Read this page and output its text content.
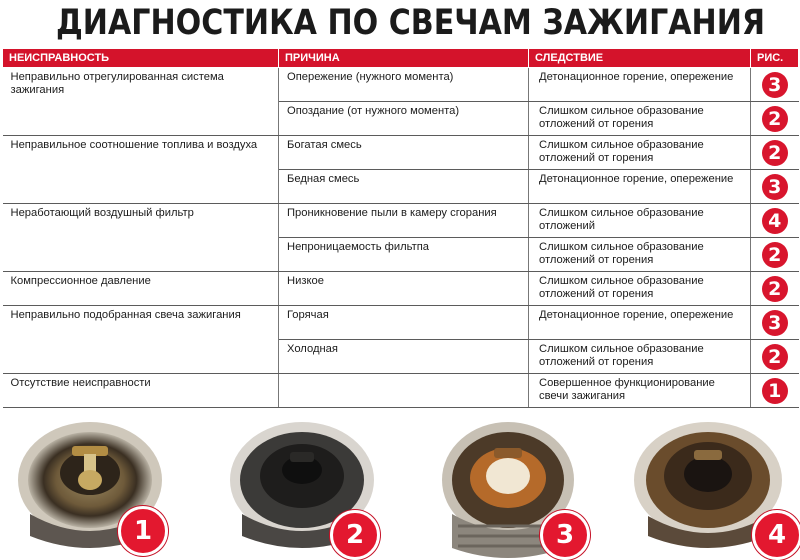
ДИАГНОСТИКА ПО СВЕЧАМ ЗАЖИГАНИЯ
НЕИСПРАВНОСТЬ	ПРИЧИНА	СЛЕДСТВИЕ	РИС.
Неправильно отрегулированная система зажигания	Опережение (нужного момента)	Детонационное горение, опережение	3
	Опоздание (от нужного момента)	Слишком сильное образование отложений от горения	2
Неправильное соотношение топлива и воздуха	Богатая смесь	Слишком сильное образование отложений от горения	2
	Бедная смесь	Детонационное горение, опережение	3
Неработающий воздушный фильтр	Проникновение пыли в камеру сгорания	Слишком сильное образование отложений	4
	Непроницаемость фильтпа	Слишком сильное образование отложений от горения	2
Компрессионное давление	Низкое	Слишком сильное образование отложений от горения	2
Неправильно подобранная свеча зажигания	Горячая	Детонационное горение, опережение	3
	Холодная	Слишком сильное образование отложений от горения	2
Отсутствие неисправности		Совершенное функционирование свечи зажигания	1
1	2	3	4
